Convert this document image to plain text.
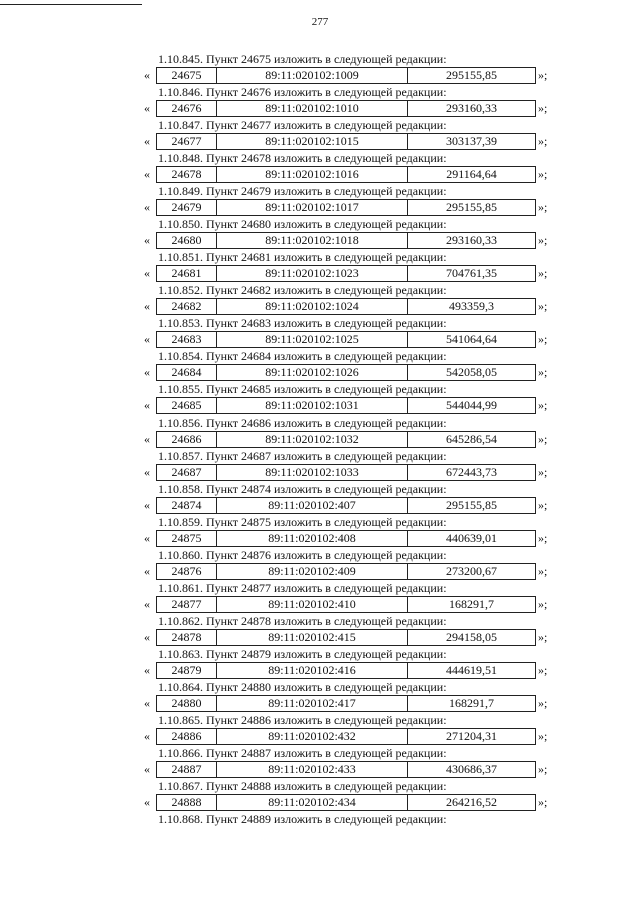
277
1.10.845. Пункт 24675 изложить в следующей редакции:
«	24675	89:11:020102:1009	295155,85	»;
1.10.846. Пункт 24676 изложить в следующей редакции:
«	24676	89:11:020102:1010	293160,33	»;
1.10.847. Пункт 24677 изложить в следующей редакции:
«	24677	89:11:020102:1015	303137,39	»;
1.10.848. Пункт 24678 изложить в следующей редакции:
«	24678	89:11:020102:1016	291164,64	»;
1.10.849. Пункт 24679 изложить в следующей редакции:
«	24679	89:11:020102:1017	295155,85	»;
1.10.850. Пункт 24680 изложить в следующей редакции:
«	24680	89:11:020102:1018	293160,33	»;
1.10.851. Пункт 24681 изложить в следующей редакции:
«	24681	89:11:020102:1023	704761,35	»;
1.10.852. Пункт 24682 изложить в следующей редакции:
«	24682	89:11:020102:1024	493359,3	»;
1.10.853. Пункт 24683 изложить в следующей редакции:
«	24683	89:11:020102:1025	541064,64	»;
1.10.854. Пункт 24684 изложить в следующей редакции:
«	24684	89:11:020102:1026	542058,05	»;
1.10.855. Пункт 24685 изложить в следующей редакции:
«	24685	89:11:020102:1031	544044,99	»;
1.10.856. Пункт 24686 изложить в следующей редакции:
«	24686	89:11:020102:1032	645286,54	»;
1.10.857. Пункт 24687 изложить в следующей редакции:
«	24687	89:11:020102:1033	672443,73	»;
1.10.858. Пункт 24874 изложить в следующей редакции:
«	24874	89:11:020102:407	295155,85	»;
1.10.859. Пункт 24875 изложить в следующей редакции:
«	24875	89:11:020102:408	440639,01	»;
1.10.860. Пункт 24876 изложить в следующей редакции:
«	24876	89:11:020102:409	273200,67	»;
1.10.861. Пункт 24877 изложить в следующей редакции:
«	24877	89:11:020102:410	168291,7	»;
1.10.862. Пункт 24878 изложить в следующей редакции:
«	24878	89:11:020102:415	294158,05	»;
1.10.863. Пункт 24879 изложить в следующей редакции:
«	24879	89:11:020102:416	444619,51	»;
1.10.864. Пункт 24880 изложить в следующей редакции:
«	24880	89:11:020102:417	168291,7	»;
1.10.865. Пункт 24886 изложить в следующей редакции:
«	24886	89:11:020102:432	271204,31	»;
1.10.866. Пункт 24887 изложить в следующей редакции:
«	24887	89:11:020102:433	430686,37	»;
1.10.867. Пункт 24888 изложить в следующей редакции:
«	24888	89:11:020102:434	264216,52	»;
1.10.868. Пункт 24889 изложить в следующей редакции:
